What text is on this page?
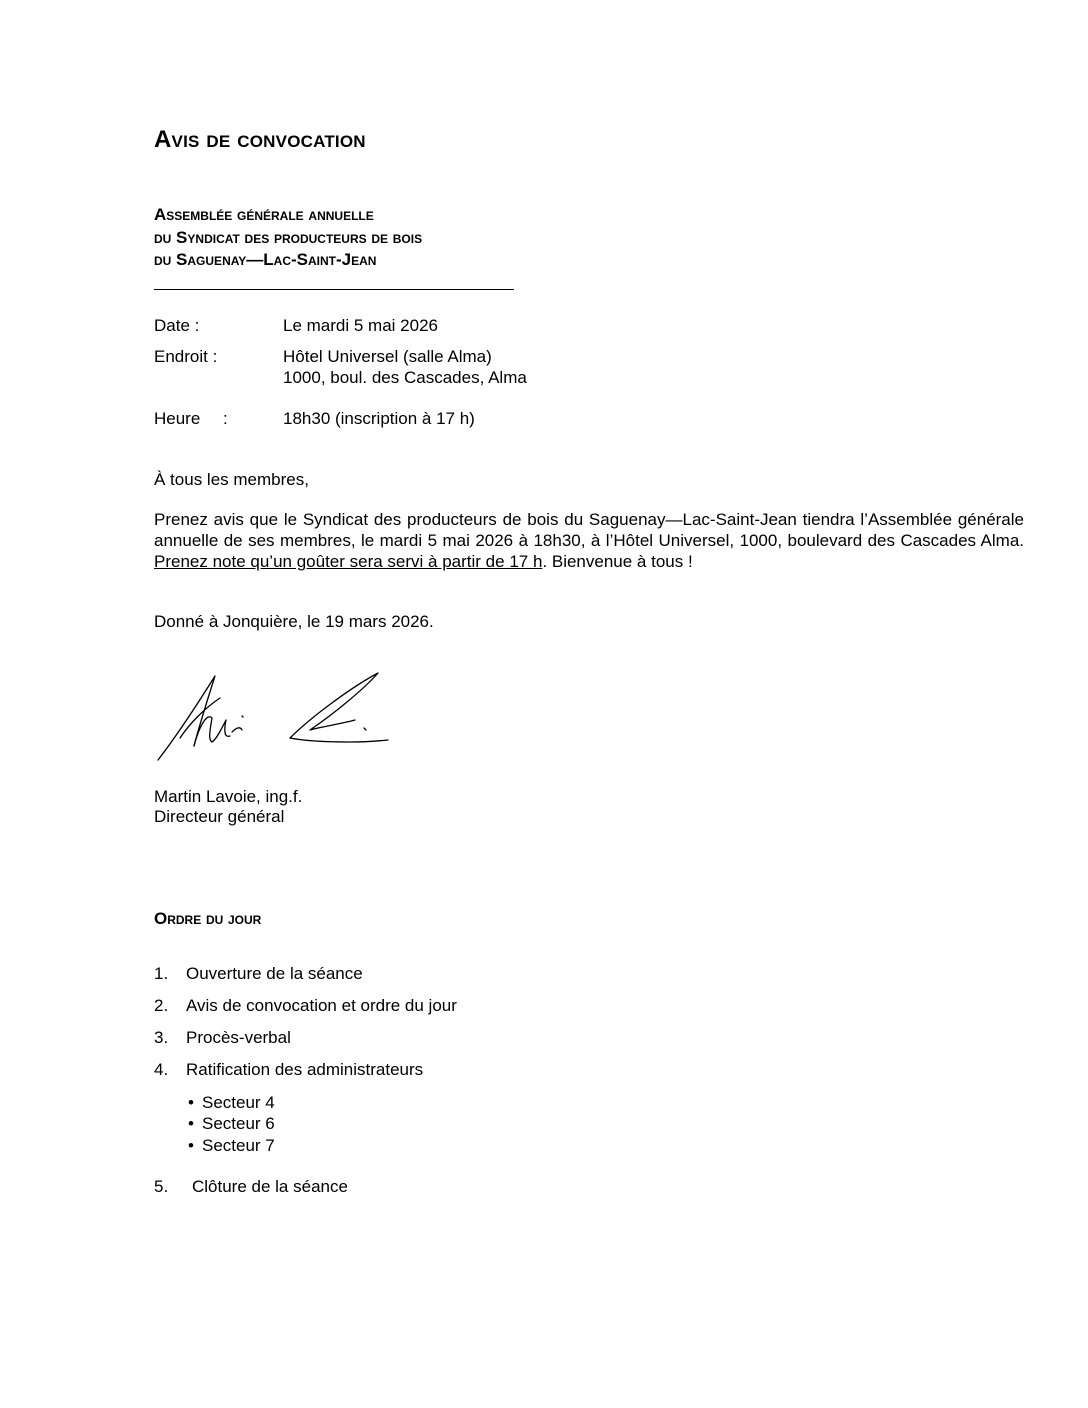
Avis de convocation
Assemblée générale annuelle
du Syndicat des producteurs de bois
du Saguenay—Lac-Saint-Jean
Date :	Le mardi 5 mai 2026
Endroit :	Hôtel Universel (salle Alma)
1000, boul. des Cascades, Alma
Heure :	18h30 (inscription à 17 h)
À tous les membres,
Prenez avis que le Syndicat des producteurs de bois du Saguenay—Lac-Saint-Jean tiendra l’Assemblée générale annuelle de ses membres, le mardi 5 mai 2026 à 18h30, à l’Hôtel Universel, 1000, boulevard des Cascades Alma. Prenez note qu’un goûter sera servi à partir de 17 h. Bienvenue à tous !
Donné à Jonquière, le 19 mars 2026.
Martin Lavoie, ing.f.
Directeur général
Ordre du jour
1. Ouverture de la séance
2. Avis de convocation et ordre du jour
3. Procès-verbal
4. Ratification des administrateurs
• Secteur 4
• Secteur 6
• Secteur 7
5. Clôture de la séance
